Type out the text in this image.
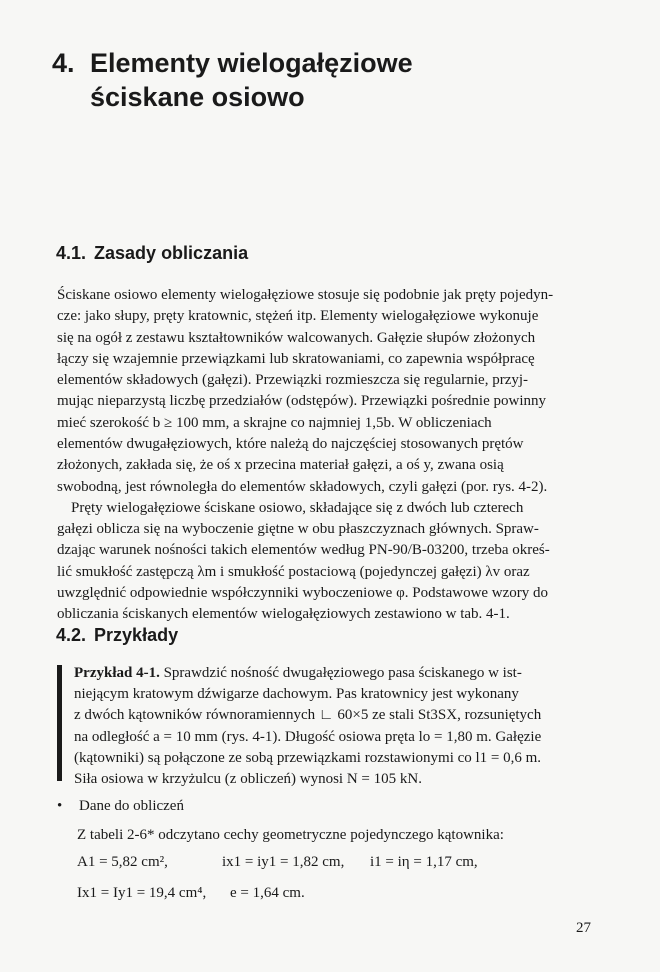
4. Elementy wielogałęziowe
ściskane osiowo
4.1. Zasady obliczania
Ściskane osiowo elementy wielogałęziowe stosuje się podobnie jak pręty pojedyn-
cze: jako słupy, pręty kratownic, stężeń itp. Elementy wielogałęziowe wykonuje
się na ogół z zestawu kształtowników walcowanych. Gałęzie słupów złożonych
łączy się wzajemnie przewiązkami lub skratowaniami, co zapewnia współpracę
elementów składowych (gałęzi). Przewiązki rozmieszcza się regularnie, przyj-
mując nieparzystą liczbę przedziałów (odstępów). Przewiązki pośrednie powinny
mieć szerokość b ≥ 100 mm, a skrajne co najmniej 1,5b. W obliczeniach
elementów dwugałęziowych, które należą do najczęściej stosowanych prętów
złożonych, zakłada się, że oś x przecina materiał gałęzi, a oś y, zwana osią
swobodną, jest równoległa do elementów składowych, czyli gałęzi (por. rys. 4-2).
Pręty wielogałęziowe ściskane osiowo, składające się z dwóch lub czterech
gałęzi oblicza się na wyboczenie giętne w obu płaszczyznach głównych. Spraw-
dzając warunek nośności takich elementów według PN-90/B-03200, trzeba okreś-
lić smukłość zastępczą λm i smukłość postaciową (pojedynczej gałęzi) λv oraz
uwzględnić odpowiednie współczynniki wyboczeniowe φ. Podstawowe wzory do
obliczania ściskanych elementów wielogałęziowych zestawiono w tab. 4-1.
4.2. Przykłady
Przykład 4-1. Sprawdzić nośność dwugałęziowego pasa ściskanego w ist-
niejącym kratowym dźwigarze dachowym. Pas kratownicy jest wykonany
z dwóch kątowników równoramiennych ∟ 60×5 ze stali St3SX, rozsuniętych
na odległość a = 10 mm (rys. 4-1). Długość osiowa pręta lo = 1,80 m. Gałęzie
(kątowniki) są połączone ze sobą przewiązkami rozstawionymi co l1 = 0,6 m.
Siła osiowa w krzyżulcu (z obliczeń) wynosi N = 105 kN.
• Dane do obliczeń
Z tabeli 2-6* odczytano cechy geometryczne pojedynczego kątownika:
A1 = 5,82 cm²,	ix1 = iy1 = 1,82 cm, i1 = iη = 1,17 cm,
Ix1 = Iy1 = 19,4 cm⁴, e = 1,64 cm.
27
